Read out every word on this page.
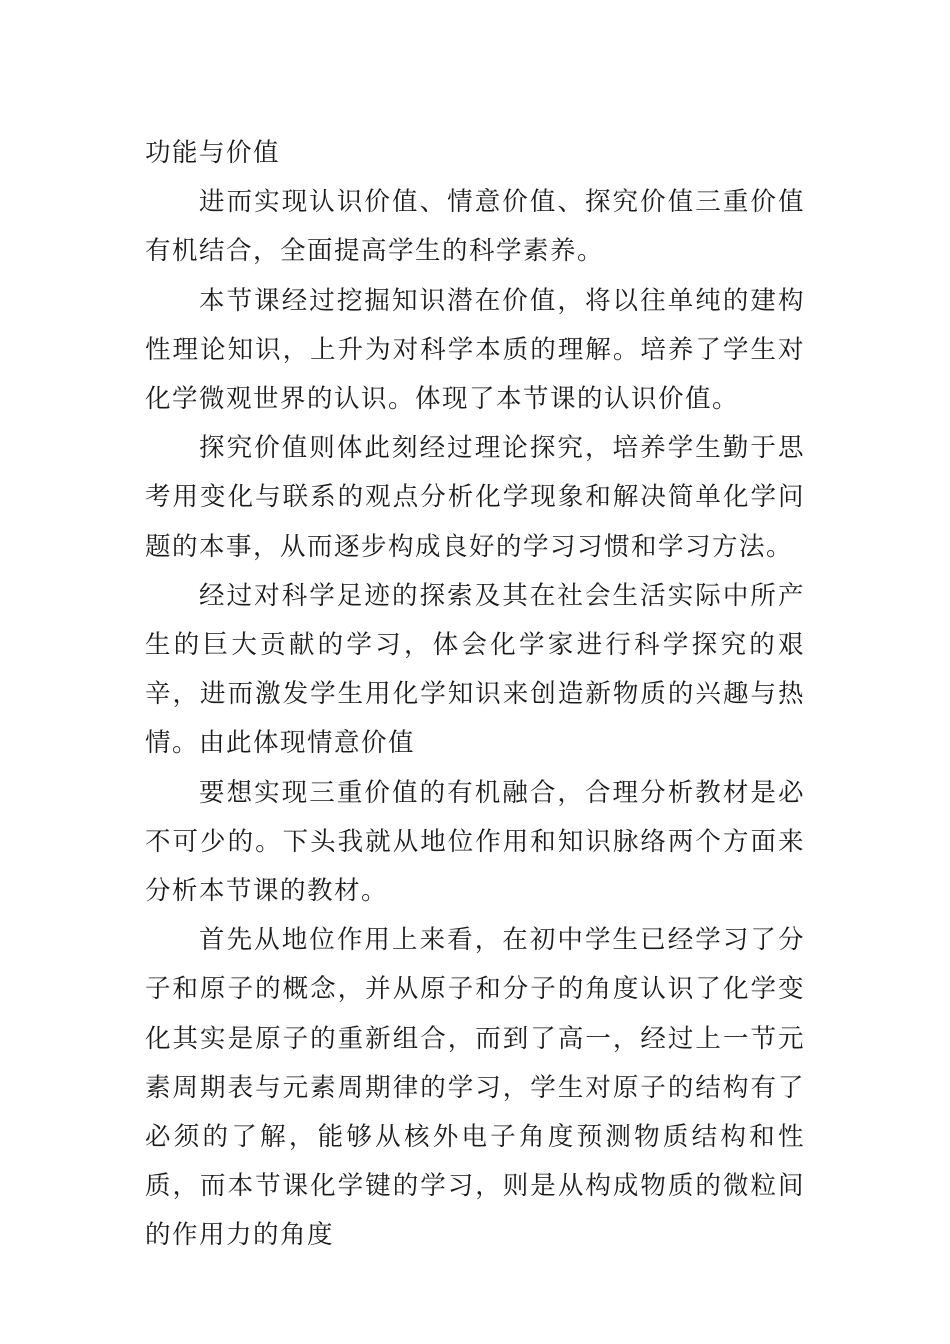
功能与价值

进而实现认识价值、情意价值、探究价值三重价值有机结合，全面提高学生的科学素养。

本节课经过挖掘知识潜在价值，将以往单纯的建构性理论知识，上升为对科学本质的理解。培养了学生对化学微观世界的认识。体现了本节课的认识价值。

探究价值则体此刻经过理论探究，培养学生勤于思考用变化与联系的观点分析化学现象和解决简单化学问题的本事，从而逐步构成良好的学习习惯和学习方法。

经过对科学足迹的探索及其在社会生活实际中所产生的巨大贡献的学习，体会化学家进行科学探究的艰辛，进而激发学生用化学知识来创造新物质的兴趣与热情。由此体现情意价值

要想实现三重价值的有机融合，合理分析教材是必不可少的。下头我就从地位作用和知识脉络两个方面来分析本节课的教材。

首先从地位作用上来看，在初中学生已经学习了分子和原子的概念，并从原子和分子的角度认识了化学变化其实是原子的重新组合，而到了高一，经过上一节元素周期表与元素周期律的学习，学生对原子的结构有了必须的了解，能够从核外电子角度预测物质结构和性质，而本节课化学键的学习，则是从构成物质的微粒间的作用力的角度
